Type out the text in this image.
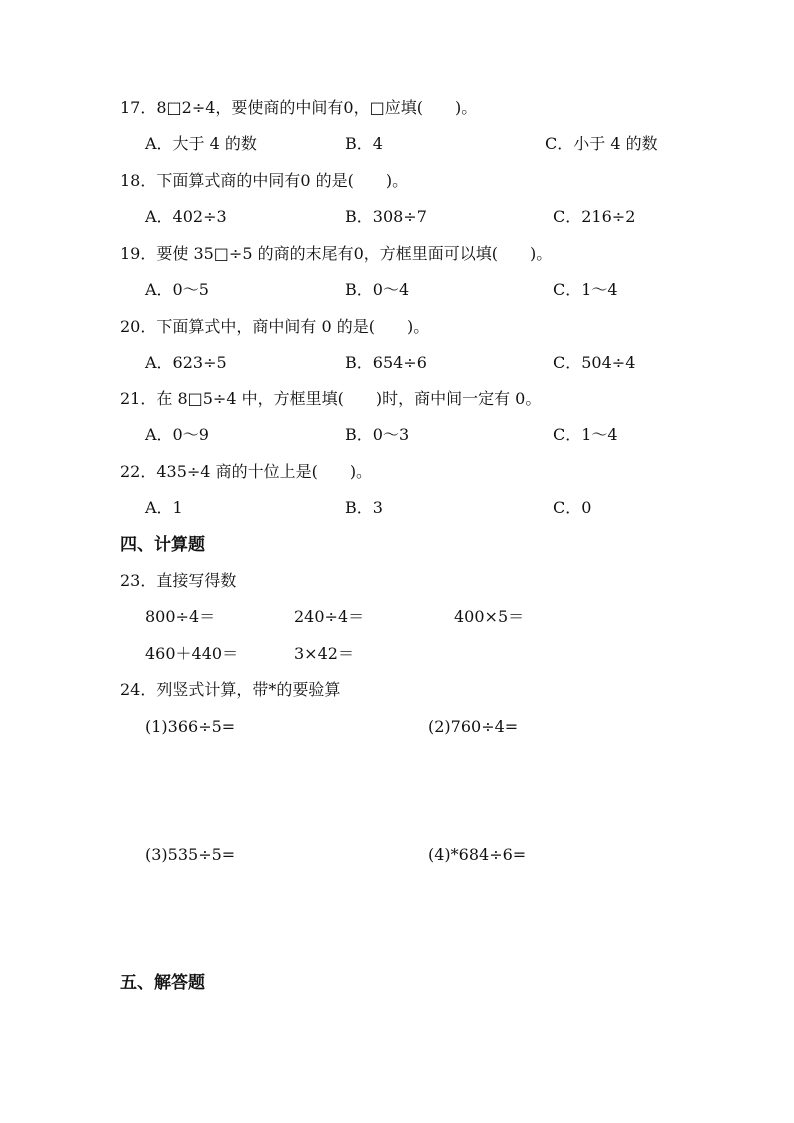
17．8□2÷4，要使商的中间有0，□应填(　　)。
A．大于 4 的数	B．4	C．小于 4 的数
18．下面算式商的中同有0 的是(　　)。
A．402÷3	B．308÷7	C．216÷2
19．要使 35□÷5 的商的末尾有0，方框里面可以填(　　)。
A．0～5	B．0～4	C．1～4
20．下面算式中，商中间有 0 的是(　　)。
A．623÷5	B．654÷6	C．504÷4
21．在 8□5÷4 中，方框里填(　　)时，商中间一定有 0。
A．0～9	B．0～3	C．1～4
22．435÷4 商的十位上是(　　)。
A．1	B．3	C．0
四、计算题
23．直接写得数
800÷4＝	240÷4＝	400×5＝
460＋440＝	3×42＝
24．列竖式计算，带*的要验算
(1)366÷5=	(2)760÷4=
(3)535÷5=	(4)*684÷6=
五、解答题
